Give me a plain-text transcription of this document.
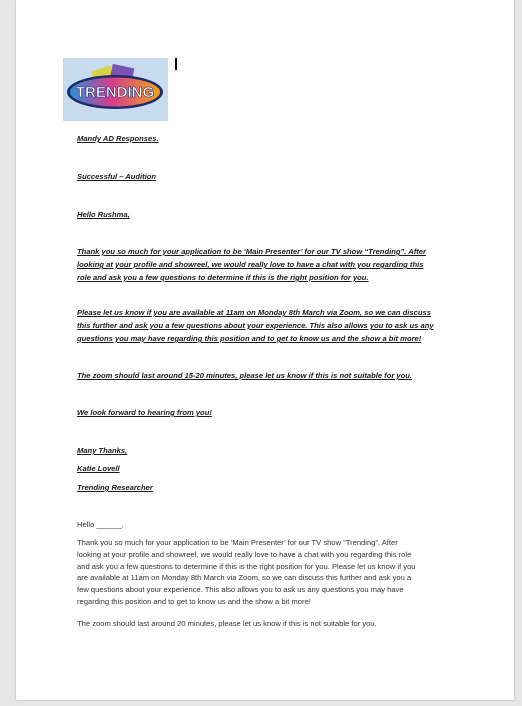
TRENDING
Mandy AD Responses.
Successful – Audition
Hello Rushma,
Thank you so much for your application to be ‘Main Presenter’ for our TV show “Trending”. After
looking at your profile and showreel, we would really love to have a chat with you regarding this
role and ask you a few questions to determine if this is the right position for you.
Please let us know if you are available at 11am on Monday 8th March via Zoom, so we can discuss
this further and ask you a few questions about your experience. This also allows you to ask us any
questions you may have regarding this position and to get to know us and the show a bit more!
The zoom should last around 15-20 minutes, please let us know if this is not suitable for you.
We look forward to hearing from you!
Many Thanks,
Katie Lovell
Trending Researcher
Hello ______,
Thank you so much for your application to be ‘Main Presenter’ for our TV show “Trending”. After
looking at your profile and showreel, we would really love to have a chat with you regarding this role
and ask you a few questions to determine if this is the right position for you. Please let us know if you
are available at 11am on Monday 8th March via Zoom, so we can discuss this further and ask you a
few questions about your experience. This also allows you to ask us any questions you may have
regarding this position and to get to know us and the show a bit more!
The zoom should last around 20 minutes, please let us know if this is not suitable for you.
